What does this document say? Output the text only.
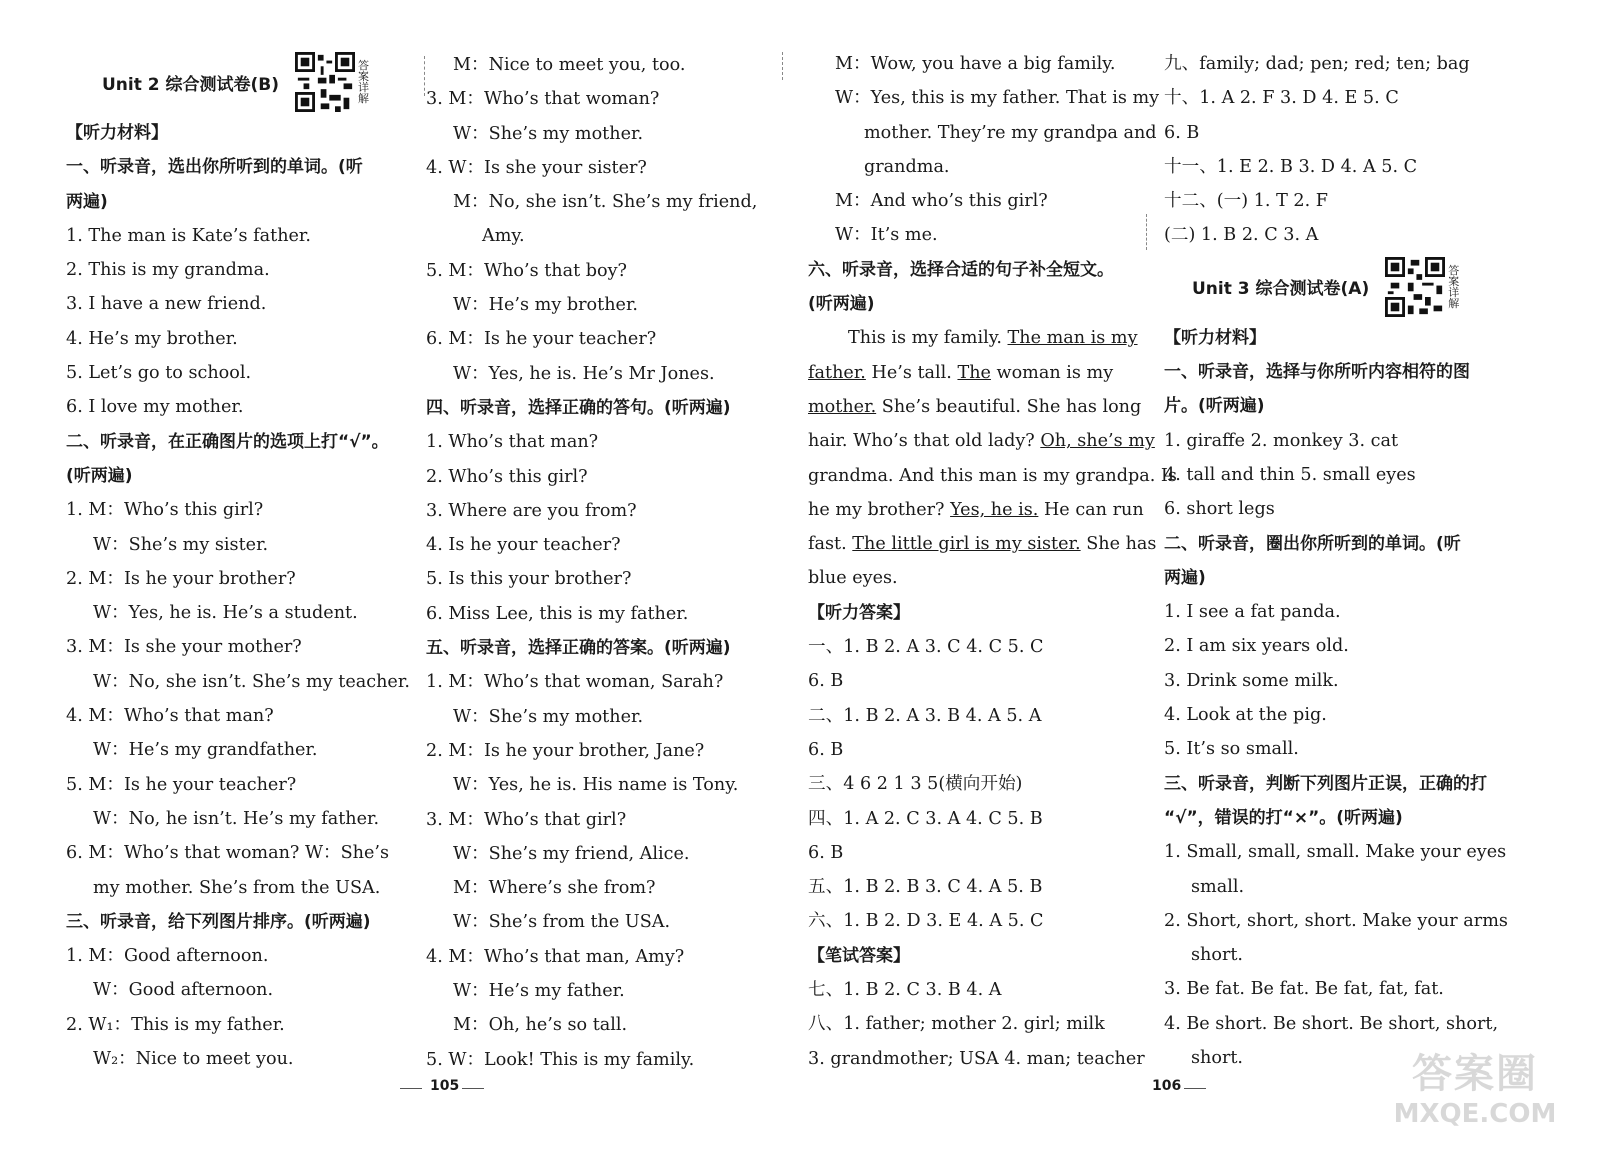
Unit 2 综合测试卷(B)
答案详解
【听力材料】
一、听录音，选出你所听到的单词。(听
两遍)
1. The man is Kate’s father.
2. This is my grandma.
3. I have a new friend.
4. He’s my brother.
5. Let’s go to school.
6. I love my mother.
二、听录音，在正确图片的选项上打“√”。
(听两遍)
1. M：Who’s this girl?
W：She’s my sister.
2. M：Is he your brother?
W：Yes, he is. He’s a student.
3. M：Is she your mother?
W：No, she isn’t. She’s my teacher.
4. M：Who’s that man?
W：He’s my grandfather.
5. M：Is he your teacher?
W：No, he isn’t. He’s my father.
6. M：Who’s that woman? W：She’s
my mother. She’s from the USA.
三、听录音，给下列图片排序。(听两遍)
1. M：Good afternoon.
W：Good afternoon.
2. W₁：This is my father.
W₂：Nice to meet you.
M：Nice to meet you, too.
3. M：Who’s that woman?
W：She’s my mother.
4. W：Is she your sister?
M：No, she isn’t. She’s my friend,
Amy.
5. M：Who’s that boy?
W：He’s my brother.
6. M：Is he your teacher?
W：Yes, he is. He’s Mr Jones.
四、听录音，选择正确的答句。(听两遍)
1. Who’s that man?
2. Who’s this girl?
3. Where are you from?
4. Is he your teacher?
5. Is this your brother?
6. Miss Lee, this is my father.
五、听录音，选择正确的答案。(听两遍)
1. M：Who’s that woman, Sarah?
W：She’s my mother.
2. M：Is he your brother, Jane?
W：Yes, he is. His name is Tony.
3. M：Who’s that girl?
W：She’s my friend, Alice.
M：Where’s she from?
W：She’s from the USA.
4. M：Who’s that man, Amy?
W：He’s my father.
M：Oh, he’s so tall.
5. W：Look! This is my family.
M：Wow, you have a big family.
W：Yes, this is my father. That is my
mother. They’re my grandpa and
grandma.
M：And who’s this girl?
W：It’s me.
六、听录音，选择合适的句子补全短文。
(听两遍)
This is my family. The man is my
father. He’s tall. The woman is my
mother. She’s beautiful. She has long
hair. Who’s that old lady? Oh, she’s my
grandma. And this man is my grandpa. Is
he my brother? Yes, he is. He can run
fast. The little girl is my sister. She has
blue eyes.
【听力答案】
一、1. B 2. A 3. C 4. C 5. C
6. B
二、1. B 2. A 3. B 4. A 5. A
6. B
三、4 6 2 1 3 5(横向开始)
四、1. A 2. C 3. A 4. C 5. B
6. B
五、1. B 2. B 3. C 4. A 5. B
六、1. B 2. D 3. E 4. A 5. C
【笔试答案】
七、1. B 2. C 3. B 4. A
八、1. father; mother 2. girl; milk
3. grandmother; USA 4. man; teacher
九、family; dad; pen; red; ten; bag
十、1. A 2. F 3. D 4. E 5. C
6. B
十一、1. E 2. B 3. D 4. A 5. C
十二、(一) 1. T 2. F
(二) 1. B 2. C 3. A
Unit 3 综合测试卷(A)
答案详解
【听力材料】
一、听录音，选择与你所听内容相符的图
片。(听两遍)
1. giraffe 2. monkey 3. cat
4. tall and thin 5. small eyes
6. short legs
二、听录音，圈出你所听到的单词。(听
两遍)
1. I see a fat panda.
2. I am six years old.
3. Drink some milk.
4. Look at the pig.
5. It’s so small.
三、听录音，判断下列图片正误，正确的打
“√”，错误的打“×”。(听两遍)
1. Small, small, small. Make your eyes
small.
2. Short, short, short. Make your arms
short.
3. Be fat. Be fat. Be fat, fat, fat.
4. Be short. Be short. Be short, short,
short.
105	106	答案圈
MXQE.COM
